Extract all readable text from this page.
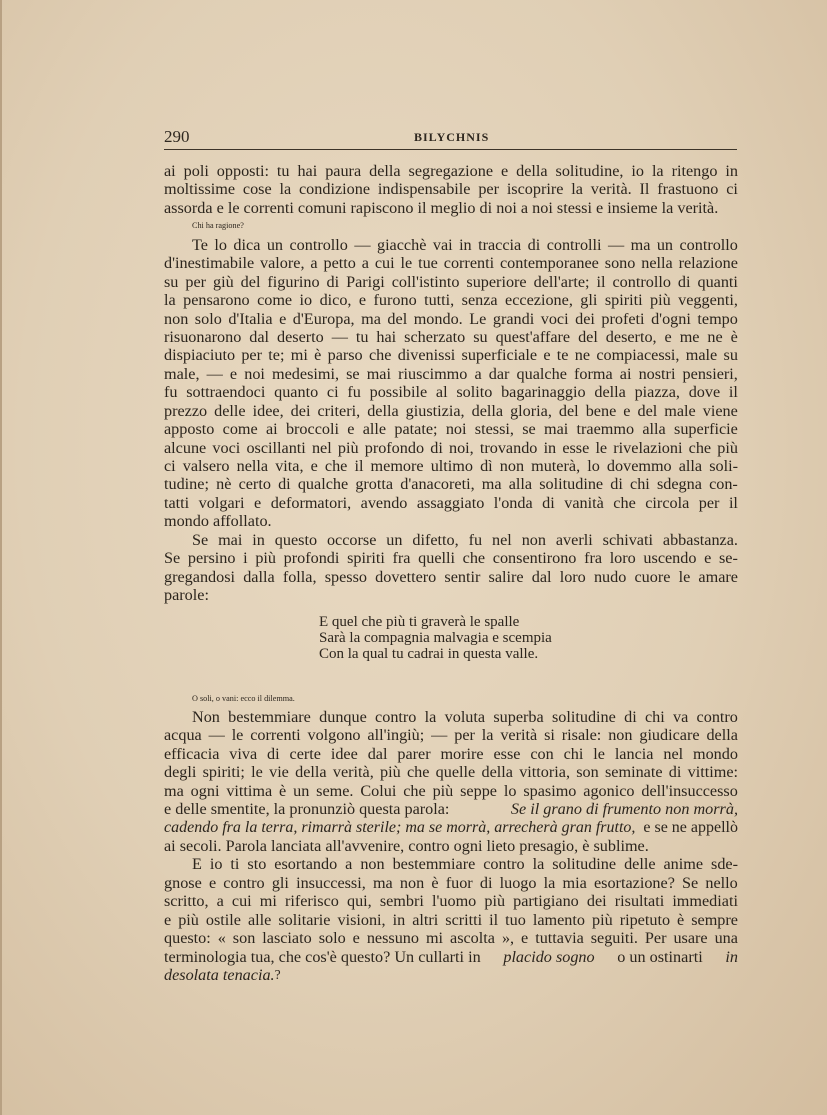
290	BILYCHNIS
ai poli opposti: tu hai paura della segregazione e della solitudine, io la ritengo in
moltissime cose la condizione indispensabile per iscoprire la verità. Il frastuono ci
assorda e le correnti comuni rapiscono il meglio di noi a noi stessi e insieme la verità.
Chi ha ragione?
Te lo dica un controllo — giacchè vai in traccia di controlli — ma un controllo
d'inestimabile valore, a petto a cui le tue correnti contemporanee sono nella relazione
su per giù del figurino di Parigi coll'istinto superiore dell'arte; il controllo di quanti
la pensarono come io dico, e furono tutti, senza eccezione, gli spiriti più veggenti,
non solo d'Italia e d'Europa, ma del mondo. Le grandi voci dei profeti d'ogni tempo
risuonarono dal deserto — tu hai scherzato su quest'affare del deserto, e me ne è
dispiaciuto per te; mi è parso che divenissi superficiale e te ne compiacessi, male su
male, — e noi medesimi, se mai riuscimmo a dar qualche forma ai nostri pensieri,
fu sottraendoci quanto ci fu possibile al solito bagarinaggio della piazza, dove il
prezzo delle idee, dei criteri, della giustizia, della gloria, del bene e del male viene
apposto come ai broccoli e alle patate; noi stessi, se mai traemmo alla superficie
alcune voci oscillanti nel più profondo di noi, trovando in esse le rivelazioni che più
ci valsero nella vita, e che il memore ultimo dì non muterà, lo dovemmo alla soli-
tudine; nè certo di qualche grotta d'anacoreti, ma alla solitudine di chi sdegna con-
tatti volgari e deformatori, avendo assaggiato l'onda di vanità che circola per il
mondo affollato.
Se mai in questo occorse un difetto, fu nel non averli schivati abbastanza.
Se persino i più profondi spiriti fra quelli che consentirono fra loro uscendo e se-
gregandosi dalla folla, spesso dovettero sentir salire dal loro nudo cuore le amare
parole:
E quel che più ti graverà le spalle
Sarà la compagnia malvagia e scempia
Con la qual tu cadrai in questa valle.
O soli, o vani: ecco il dilemma.
Non bestemmiare dunque contro la voluta superba solitudine di chi va contro
acqua — le correnti volgono all'ingiù; — per la verità si risale: non giudicare della
efficacia viva di certe idee dal parer morire esse con chi le lancia nel mondo
degli spiriti; le vie della verità, più che quelle della vittoria, son seminate di vittime:
ma ogni vittima è un seme. Colui che più seppe lo spasimo agonico dell'insuccesso
e delle smentite, la pronunziò questa parola:	Se il grano di frumento non morrà,
cadendo fra la terra, rimarrà sterile; ma se morrà, arrecherà gran frutto, e se ne appellò
ai secoli. Parola lanciata all'avvenire, contro ogni lieto presagio, è sublime.
E io ti sto esortando a non bestemmiare contro la solitudine delle anime sde-
gnose e contro gli insuccessi, ma non è fuor di luogo la mia esortazione? Se nello
scritto, a cui mi riferisco qui, sembri l'uomo più partigiano dei risultati immediati
e più ostile alle solitarie visioni, in altri scritti il tuo lamento più ripetuto è sempre
questo: « son lasciato solo e nessuno mi ascolta », e tuttavia seguiti. Per usare una
terminologia tua, che cos'è questo? Un cullarti in placido sogno o un ostinarti in
desolata tenacia. ?
